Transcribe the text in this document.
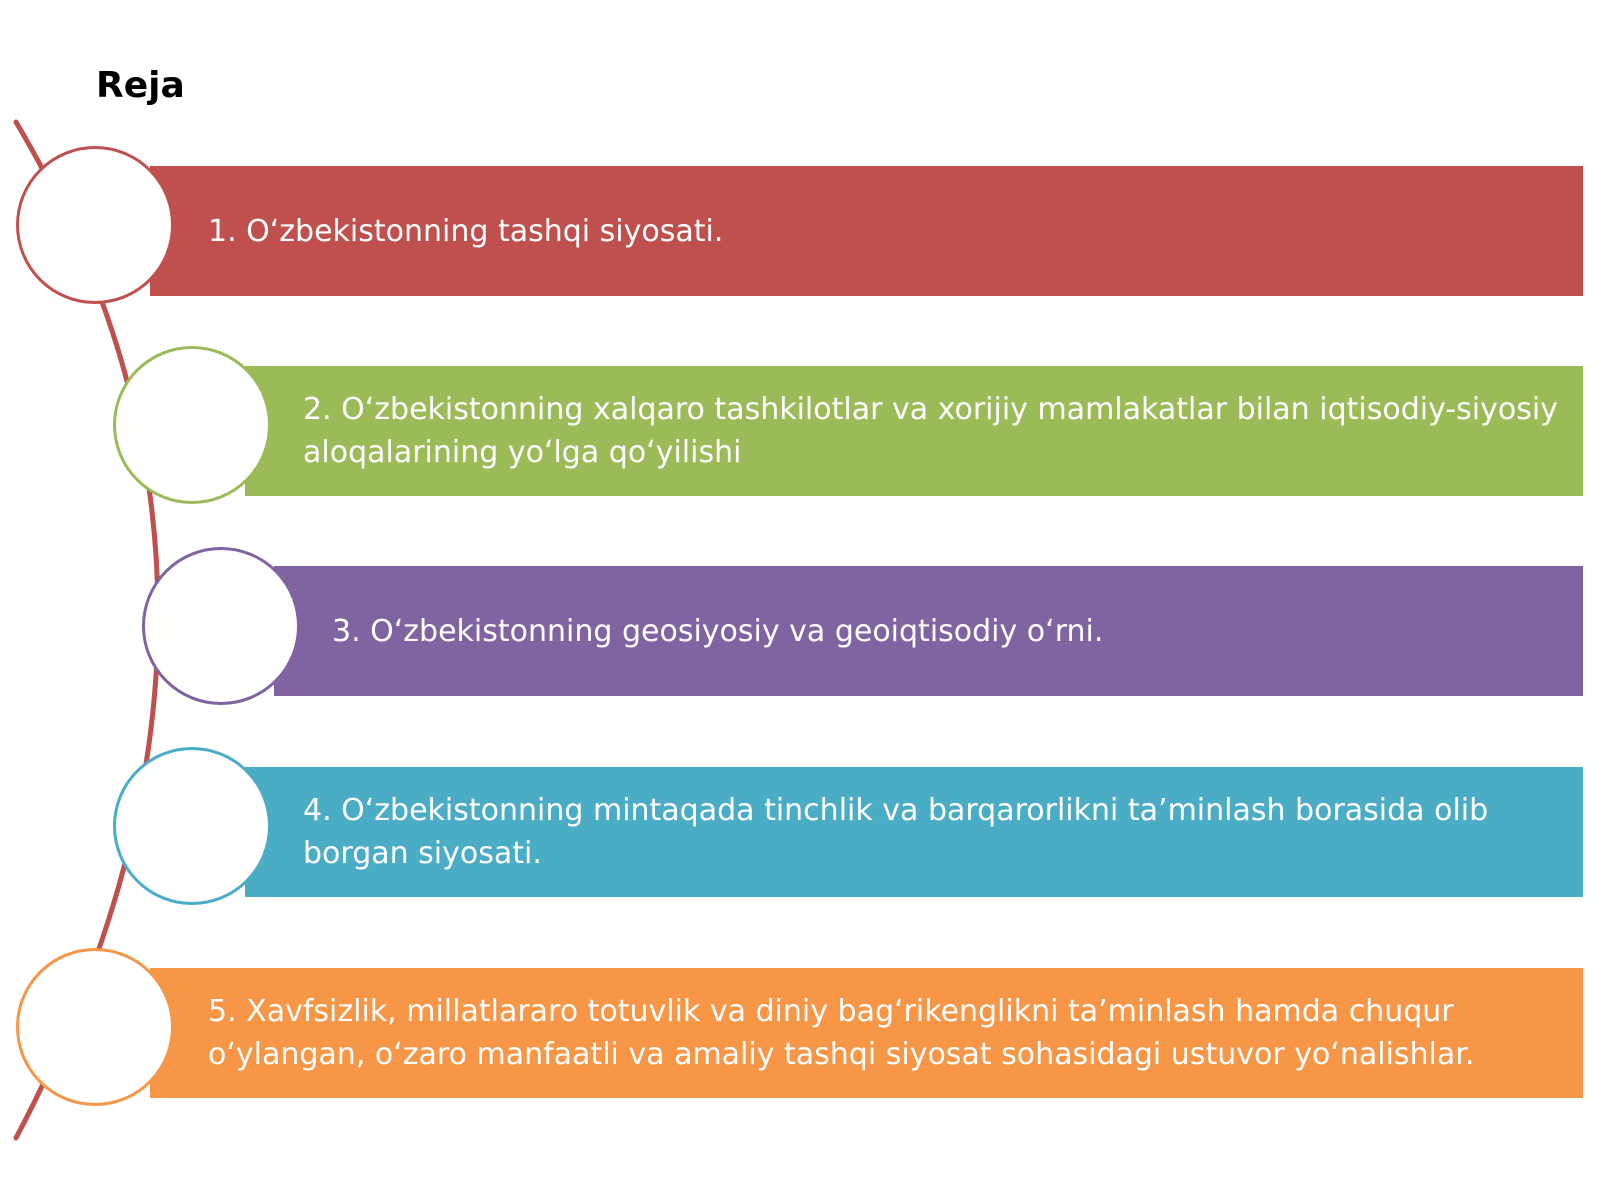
Reja
1. O‘zbekistonning tashqi siyosati.
2. O‘zbekistonning xalqaro tashkilotlar va xorijiy mamlakatlar bilan iqtisodiy-siyosiy aloqalarining yo‘lga qo‘yilishi
3. O‘zbekistonning geosiyosiy va geoiqtisodiy o‘rni.
4. O‘zbekistonning mintaqada tinchlik va barqarorlikni ta’minlash borasida olib borgan siyosati.
5. Xavfsizlik, millatlararo totuvlik va diniy bag‘rikenglikni ta’minlash hamda chuqur o‘ylangan, o‘zaro manfaatli va amaliy tashqi siyosat sohasidagi ustuvor yo‘nalishlar.
